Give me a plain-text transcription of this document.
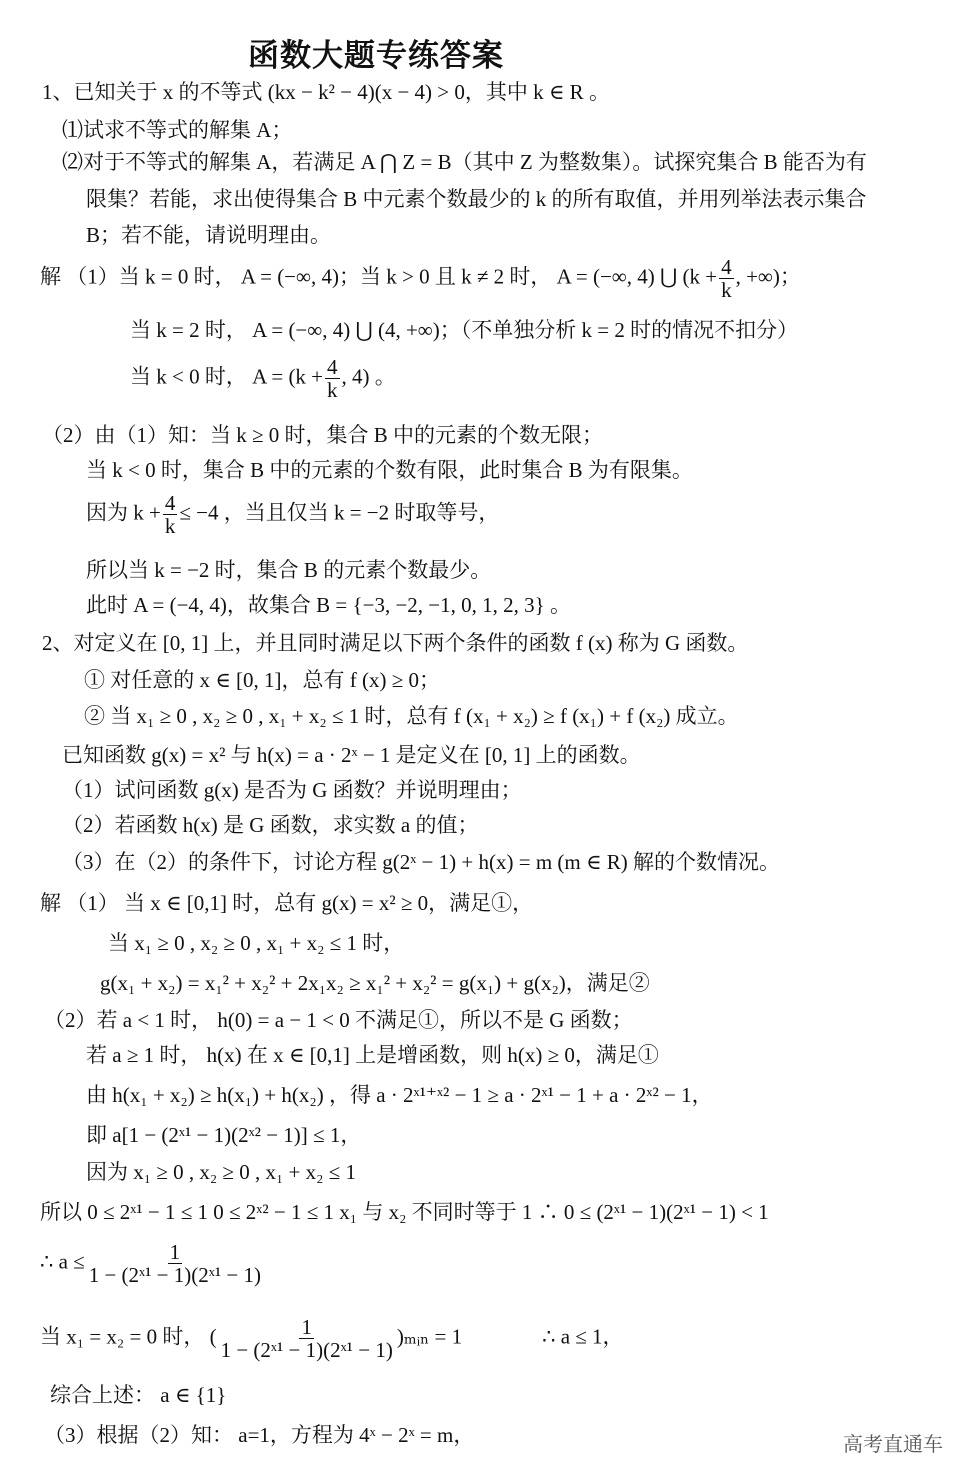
函数大题专练答案
1、已知关于 x 的不等式 (kx − k² − 4)(x − 4) > 0，其中 k ∈ R 。
⑴试求不等式的解集 A；
⑵对于不等式的解集 A，若满足 A ⋂ Z = B（其中 Z 为整数集）。试探究集合 B 能否为有
限集？若能，求出使得集合 B 中元素个数最少的 k 的所有取值，并用列举法表示集合
B；若不能，请说明理由。
解 （1）当 k = 0 时， A = (−∞, 4)；当 k > 0 且 k ≠ 2 时， A = (−∞, 4) ⋃ ($k + \frac{4}{k}$ , +∞)；
当 k = 2 时， A = (−∞, 4) ⋃ (4, +∞)；（不单独分析 k = 2 时的情况不扣分）
当 k < 0 时， $A = (k + \frac{4}{k}$ , 4) 。
（2）由（1）知：当 k ≥ 0 时，集合 B 中的元素的个数无限；
当 k < 0 时，集合 B 中的元素的个数有限，此时集合 B 为有限集。
因为 $k + \frac{4}{k} \le -4$ ，当且仅当 k = −2 时取等号，
所以当 k = −2 时，集合 B 的元素个数最少。
此时 A = (−4, 4)，故集合 B = {−3, −2, −1, 0, 1, 2, 3} 。
2、对定义在 [0, 1] 上，并且同时满足以下两个条件的函数 f (x) 称为 G 函数。
① 对任意的 x ∈ [0, 1]，总有 f (x) ≥ 0；
② 当 x₁ ≥ 0 , x₂ ≥ 0 , x₁ + x₂ ≤ 1 时，总有 f (x₁ + x₂) ≥ f (x₁) + f (x₂) 成立。
已知函数 g(x) = x² 与 h(x) = a · 2ˣ − 1 是定义在 [0, 1] 上的函数。
（1）试问函数 g(x) 是否为 G 函数？并说明理由；
（2）若函数 h(x) 是 G 函数，求实数 a 的值；
（3）在（2）的条件下，讨论方程 g(2ˣ − 1) + h(x) = m (m ∈ R) 解的个数情况。
解 （1） 当 x ∈ [0,1] 时，总有 g(x) = x² ≥ 0，满足①，
当 x₁ ≥ 0 , x₂ ≥ 0 , x₁ + x₂ ≤ 1 时，
g(x₁ + x₂) = x₁² + x₂² + 2x₁x₂ ≥ x₁² + x₂² = g(x₁) + g(x₂)，满足②
（2）若 a < 1 时， h(0) = a − 1 < 0 不满足①，所以不是 G 函数；
若 a ≥ 1 时， h(x) 在 x ∈ [0,1] 上是增函数，则 h(x) ≥ 0，满足①
由 h(x₁ + x₂) ≥ h(x₁) + h(x₂) ，得 a · 2ˣ¹⁺ˣ² − 1 ≥ a · 2ˣ¹ − 1 + a · 2ˣ² − 1，
即 a[1 − (2ˣ¹ − 1)(2ˣ² − 1)] ≤ 1，
因为 x₁ ≥ 0 , x₂ ≥ 0 , x₁ + x₂ ≤ 1
所以 0 ≤ 2ˣ¹ − 1 ≤ 1 0 ≤ 2ˣ² − 1 ≤ 1 x₁ 与 x₂ 不同时等于 1 ∴ 0 ≤ (2ˣ¹ − 1)(2ˣ¹ − 1) < 1
∴ $a \le \frac{1}{\text{1 − (2ˣ¹ − 1)(2ˣ¹ − 1)}}$
当 x₁ = x₂ = 0 时， ( $\frac{1}{\text{1 − (2ˣ¹ − 1)(2ˣ¹ − 1)}}$ )ₘᵢₙ = 1	∴ a ≤ 1，
综合上述： a ∈ {1}
（3）根据（2）知： a=1，方程为 4ˣ − 2ˣ = m，	高考直通车
